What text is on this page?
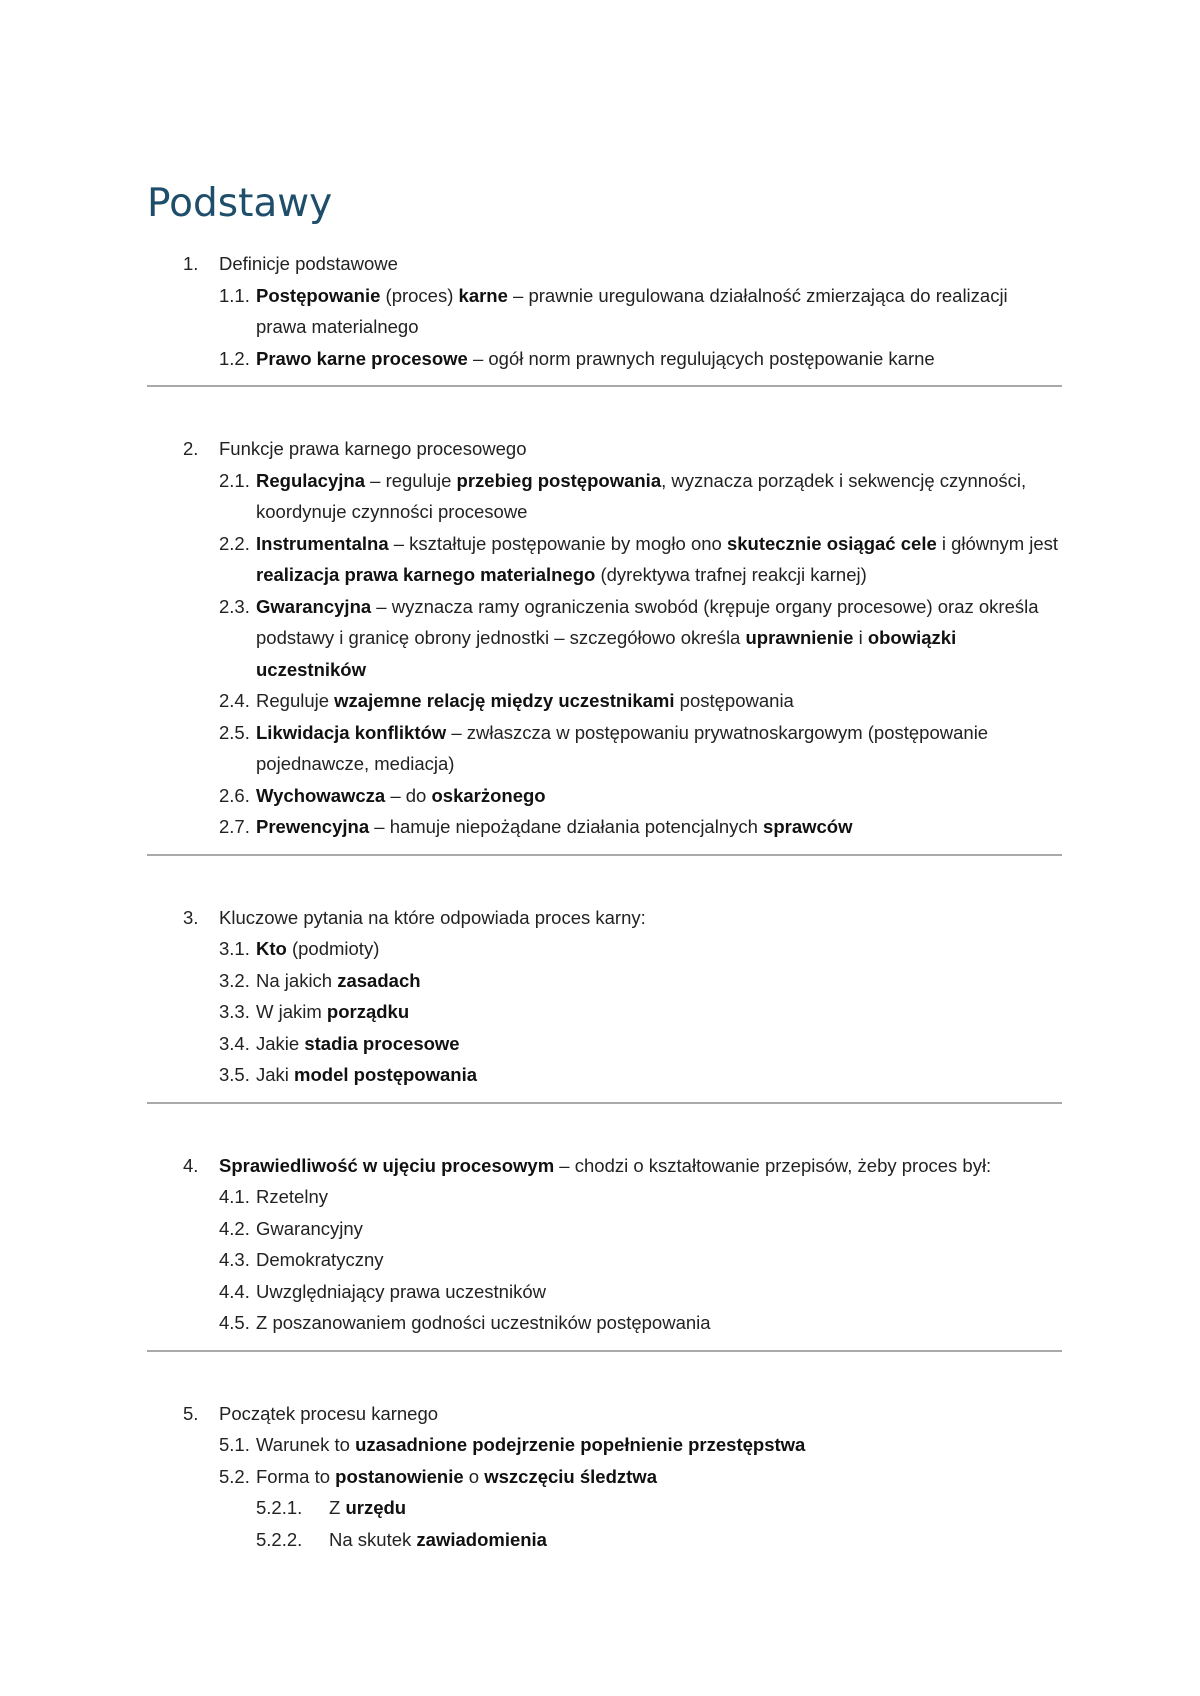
Podstawy
1. Definicje podstawowe
1.1. Postępowanie (proces) karne – prawnie uregulowana działalność zmierzająca do realizacji prawa materialnego
1.2. Prawo karne procesowe – ogół norm prawnych regulujących postępowanie karne
2. Funkcje prawa karnego procesowego
2.1. Regulacyjna – reguluje przebieg postępowania, wyznacza porządek i sekwencję czynności, koordynuje czynności procesowe
2.2. Instrumentalna – kształtuje postępowanie by mogło ono skutecznie osiągać cele i głównym jest realizacja prawa karnego materialnego (dyrektywa trafnej reakcji karnej)
2.3. Gwarancyjna – wyznacza ramy ograniczenia swobód (krępuje organy procesowe) oraz określa podstawy i granicę obrony jednostki – szczegółowo określa uprawnienie i obowiązki uczestników
2.4. Reguluje wzajemne relację między uczestnikami postępowania
2.5. Likwidacja konfliktów – zwłaszcza w postępowaniu prywatnoskargowym (postępowanie pojednawcze, mediacja)
2.6. Wychowawcza – do oskarżonego
2.7. Prewencyjna – hamuje niepożądane działania potencjalnych sprawców
3. Kluczowe pytania na które odpowiada proces karny:
3.1. Kto (podmioty)
3.2. Na jakich zasadach
3.3. W jakim porządku
3.4. Jakie stadia procesowe
3.5. Jaki model postępowania
4. Sprawiedliwość w ujęciu procesowym – chodzi o kształtowanie przepisów, żeby proces był:
4.1. Rzetelny
4.2. Gwarancyjny
4.3. Demokratyczny
4.4. Uwzględniający prawa uczestników
4.5. Z poszanowaniem godności uczestników postępowania
5. Początek procesu karnego
5.1. Warunek to uzasadnione podejrzenie popełnienie przestępstwa
5.2. Forma to postanowienie o wszczęciu śledztwa
5.2.1. Z urzędu
5.2.2. Na skutek zawiadomienia
